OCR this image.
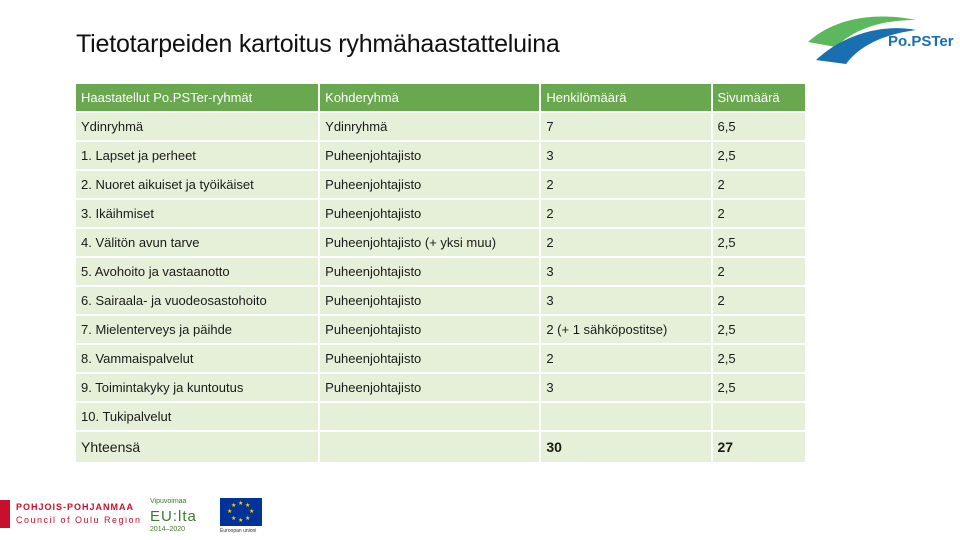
Tietotarpeiden kartoitus ryhmähaastatteluina	Po.PSTer
Haastatellut Po.PSTer-ryhmät	Kohderyhmä	Henkilömäärä	Sivumäärä
Ydinryhmä	Ydinryhmä	7	6,5
1. Lapset ja perheet	Puheenjohtajisto	3	2,5
2. Nuoret aikuiset ja työikäiset	Puheenjohtajisto	2	2
3. Ikäihmiset	Puheenjohtajisto	2	2
4. Välitön avun tarve	Puheenjohtajisto (+ yksi muu)	2	2,5
5. Avohoito ja vastaanotto	Puheenjohtajisto	3	2
6. Sairaala- ja vuodeosastohoito	Puheenjohtajisto	3	2
7. Mielenterveys ja päihde	Puheenjohtajisto	2 (+ 1 sähköpostitse)	2,5
8. Vammaispalvelut	Puheenjohtajisto	2	2,5
9. Toimintakyky ja kuntoutus	Puheenjohtajisto	3	2,5
10. Tukipalvelut			
Yhteensä		30	27
POHJOIS-POHJANMAA
Council of Oulu Region
Vipuvoimaa
EU:lta
2014–2020
★ ★
★
★
★
★
★
★
Euroopan unioni
